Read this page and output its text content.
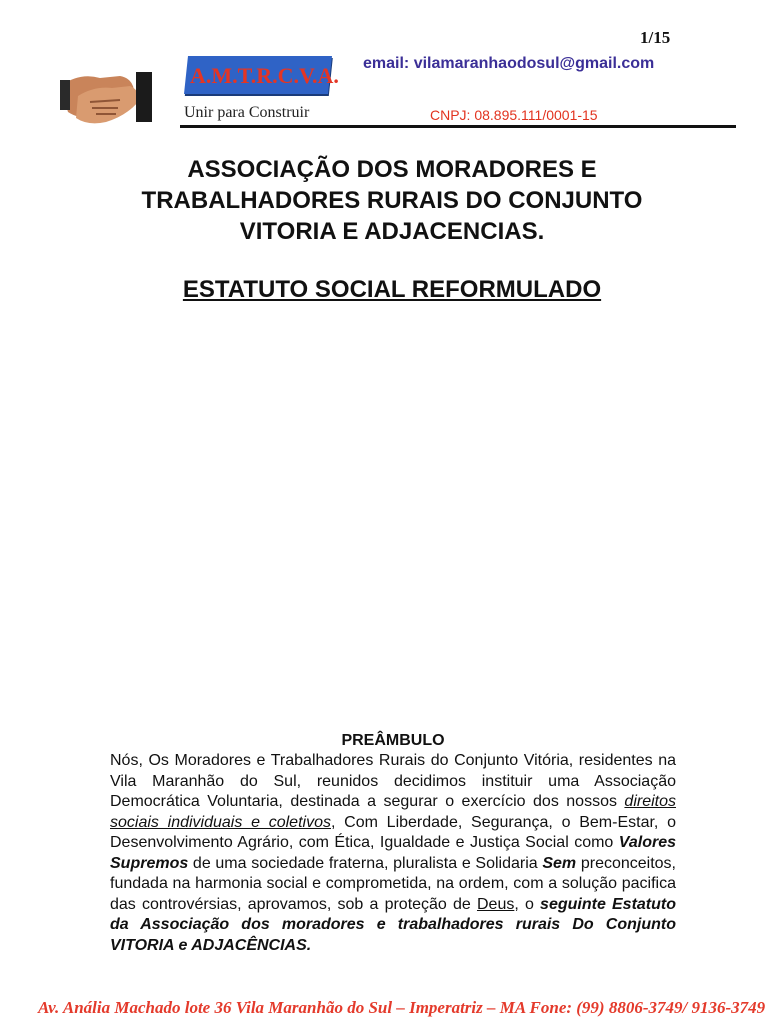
1/15
A.M.T.R.C.V.A.
Unir para Construir
email: vilamaranhaodosul@gmail.com
CNPJ: 08.895.111/0001-15
ASSOCIAÇÃO DOS MORADORES E TRABALHADORES RURAIS DO CONJUNTO VITORIA E ADJACENCIAS.
ESTATUTO SOCIAL REFORMULADO
PREÂMBULO

Nós, Os Moradores e Trabalhadores Rurais do Conjunto Vitória, residentes na Vila Maranhão do Sul, reunidos decidimos instituir uma Associação Democrática Voluntaria, destinada a segurar o exercício dos nossos direitos sociais individuais e coletivos, Com Liberdade, Segurança, o Bem-Estar, o Desenvolvimento Agrário, com Ética, Igualdade e Justiça Social como Valores Supremos de uma sociedade fraterna, pluralista e Solidaria Sem preconceitos, fundada na harmonia social e comprometida, na ordem, com a solução pacifica das controvérsias, aprovamos, sob a proteção de Deus, o seguinte Estatuto da Associação dos moradores e trabalhadores rurais Do Conjunto VITORIA e ADJACÊNCIAS.

Av. Anália Machado lote 36 Vila Maranhão do Sul – Imperatriz – MA Fone: (99) 8806-3749/ 9136-3749
